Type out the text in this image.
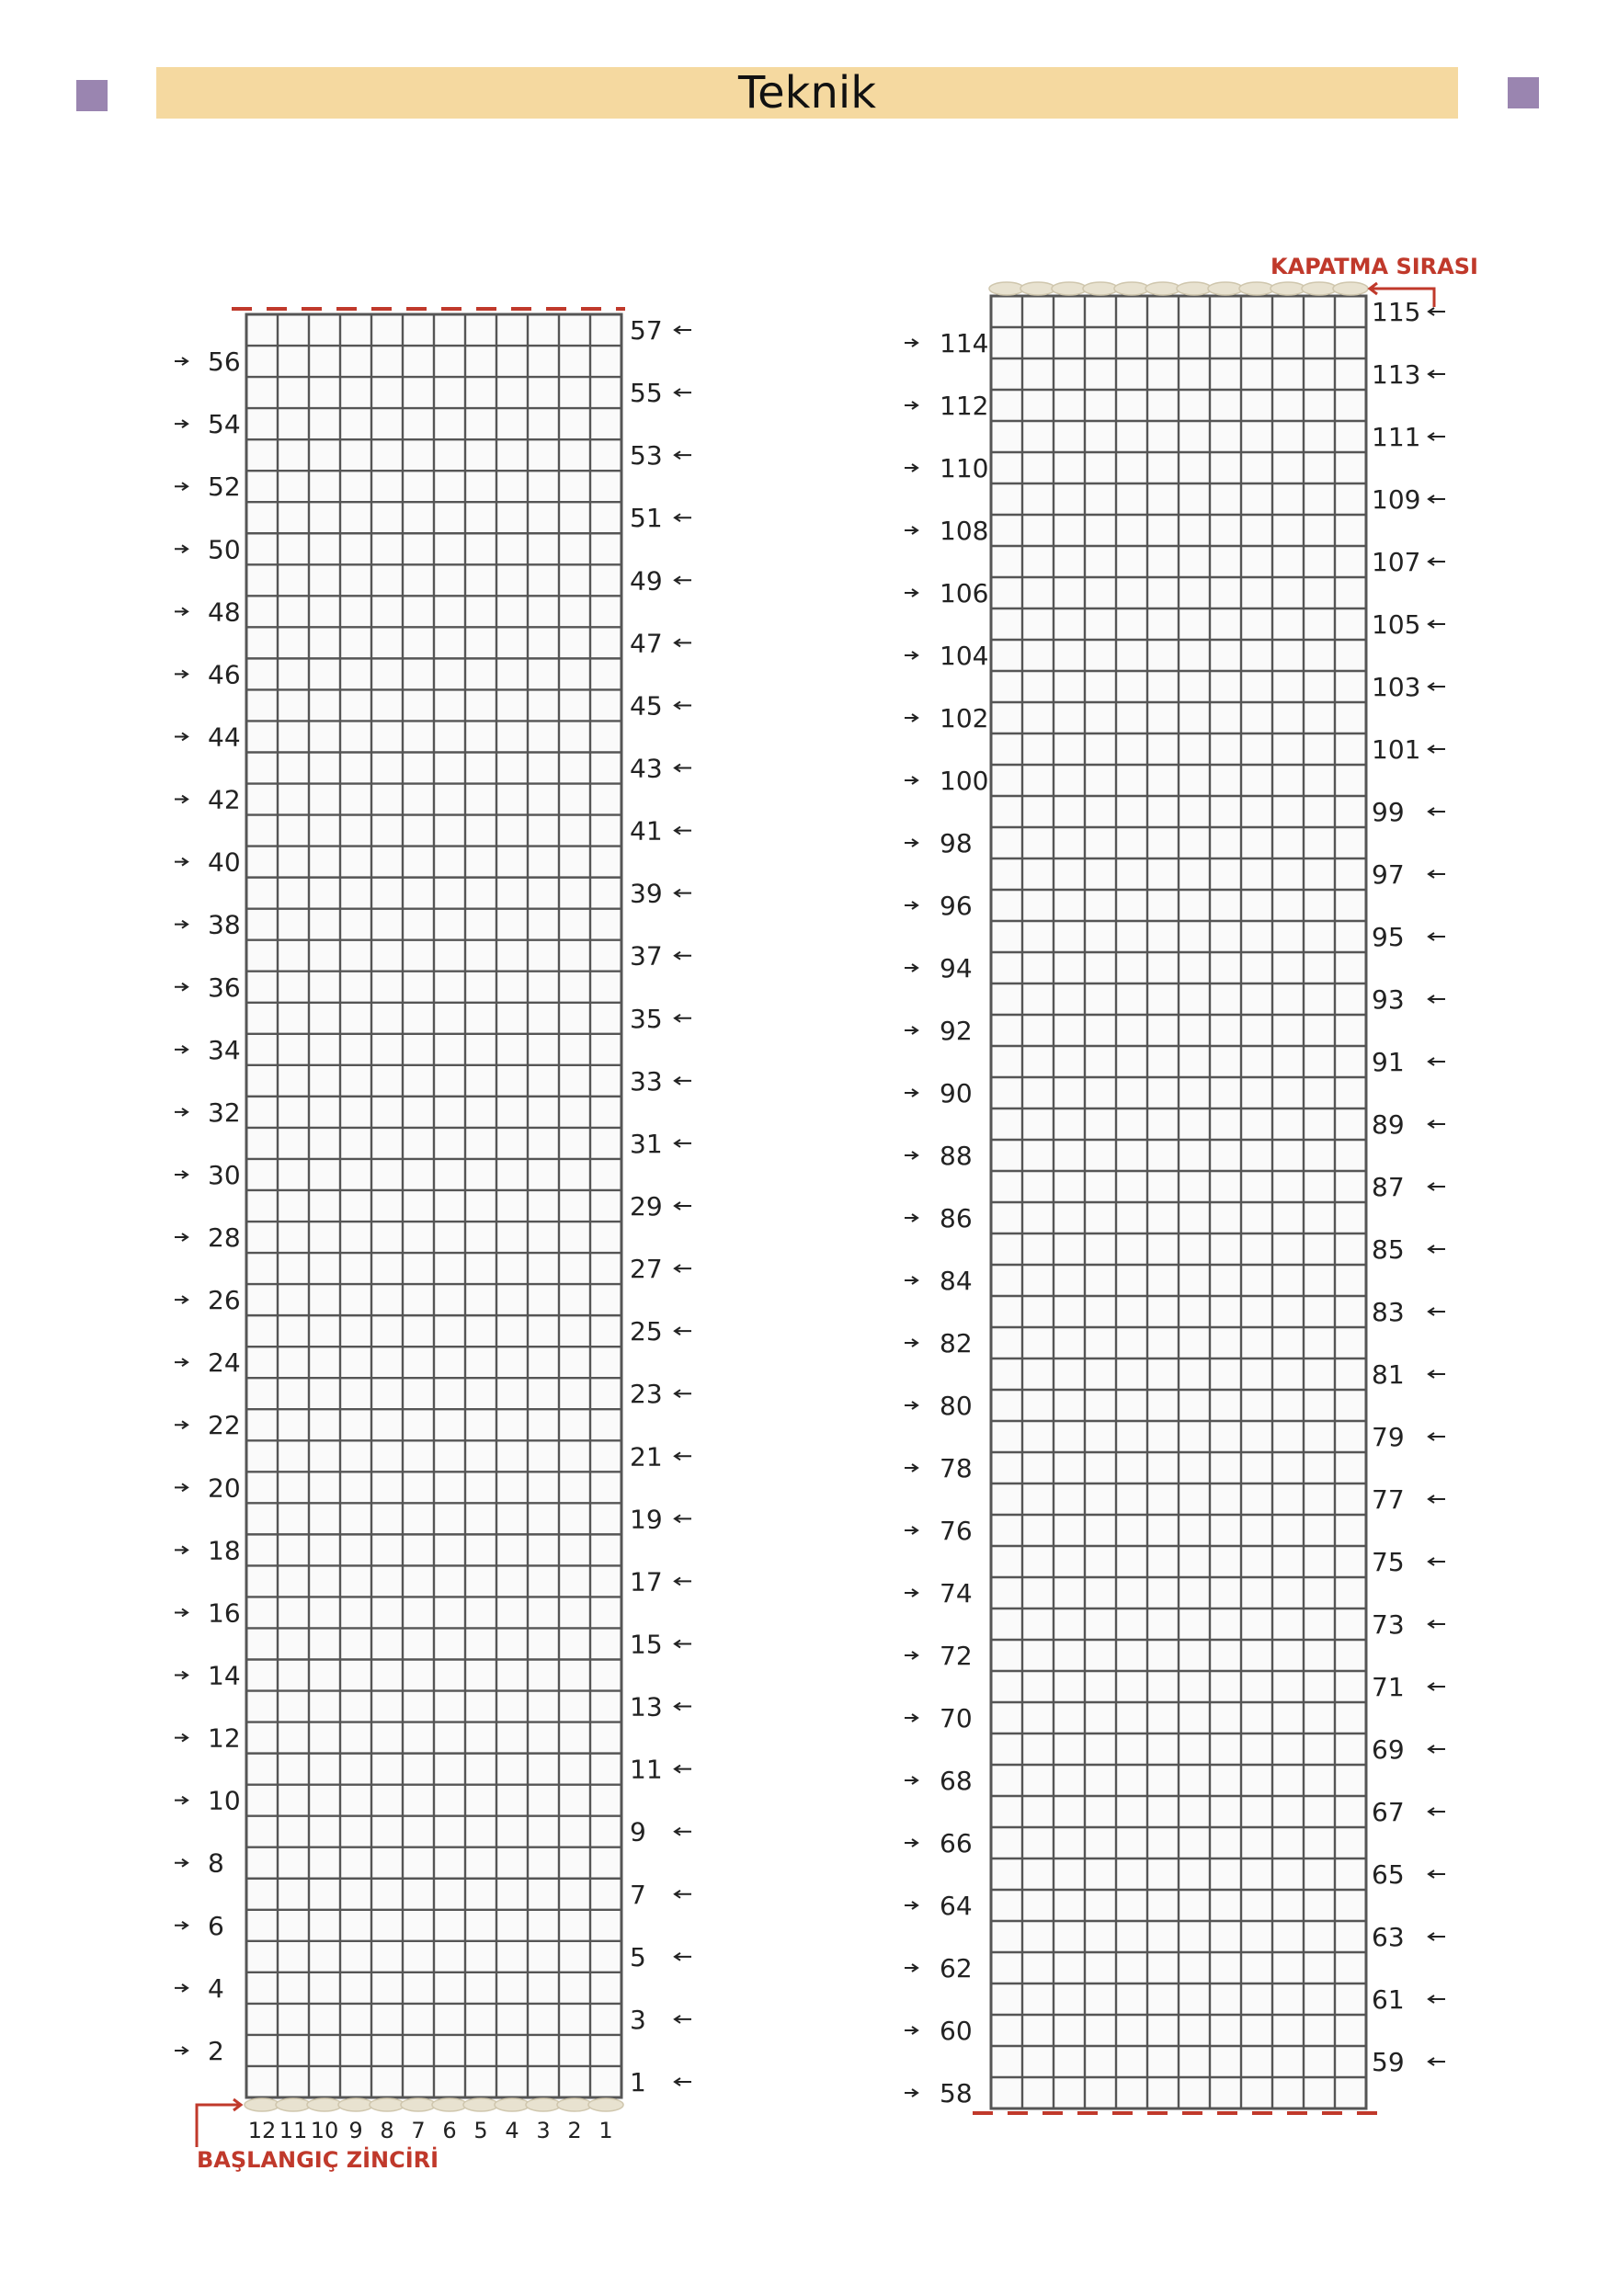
Teknik
1
2
3
4
5
6
7
8
9
10
11
12
13
14
15
16
17
18
19
20
21
22
23
24
25
26
27
28
29
30
31
32
33
34
35
36
37
38
39
40
41
42
43
44
45
46
47
48
49
50
51
52
53
54
55
56
57
12 11 10 9 8 7 6 5 4 3 2 1
58
59
60
61
62
63
64
65
66
67
68
69
70
71
72
73
74
75
76
77
78
79
80
81
82
83
84
85
86
87
88
89
90
91
92
93
94
95
96
97
98
99
100
101
102
103
104
105
106
107
108
109
110
111
112
113
114
115
BAŞLANGIÇ ZİNCİRİ
KAPATMA SIRASI
